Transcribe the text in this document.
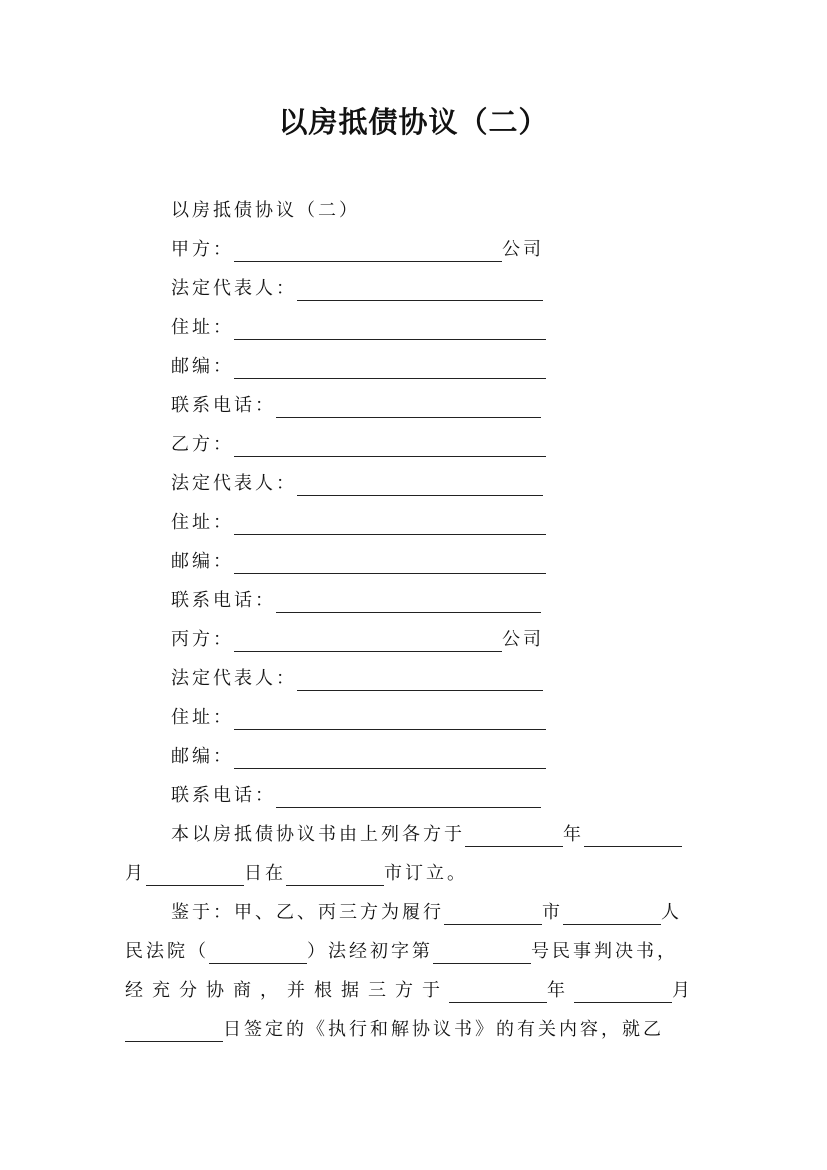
以房抵债协议（二）
以房抵债协议（二）
甲方：	公司
法定代表人：
住址：
邮编：
联系电话：
乙方：
法定代表人：
住址：
邮编：
联系电话：
丙方：	公司
法定代表人：
住址：
邮编：
联系电话：
本以房抵债协议书由上列各方于	年
月	日在	市订立。
鉴于：甲、乙、丙三方为履行	市	人
民法院（	）法经初字第	号民事判决书，
经充分协商，并根据三方于	年	月
日签定的《执行和解协议书》的有关内容，就乙
